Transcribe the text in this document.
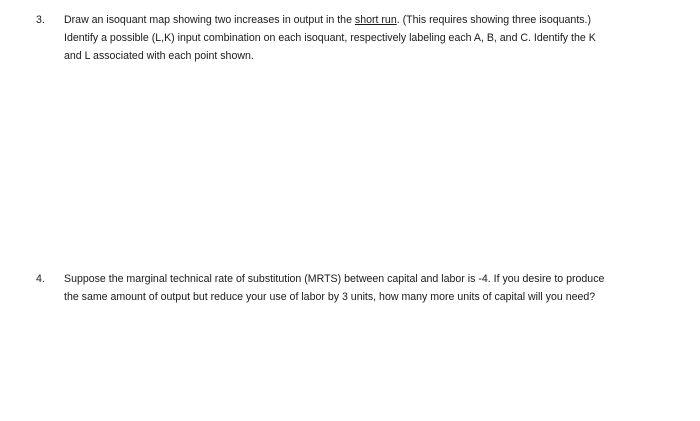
3.	Draw an isoquant map showing two increases in output in the short run. (This requires showing three isoquants.)
Identify a possible (L,K) input combination on each isoquant, respectively labeling each A, B, and C. Identify the K
and L associated with each point shown.
4.	Suppose the marginal technical rate of substitution (MRTS) between capital and labor is -4. If you desire to produce
the same amount of output but reduce your use of labor by 3 units, how many more units of capital will you need?
